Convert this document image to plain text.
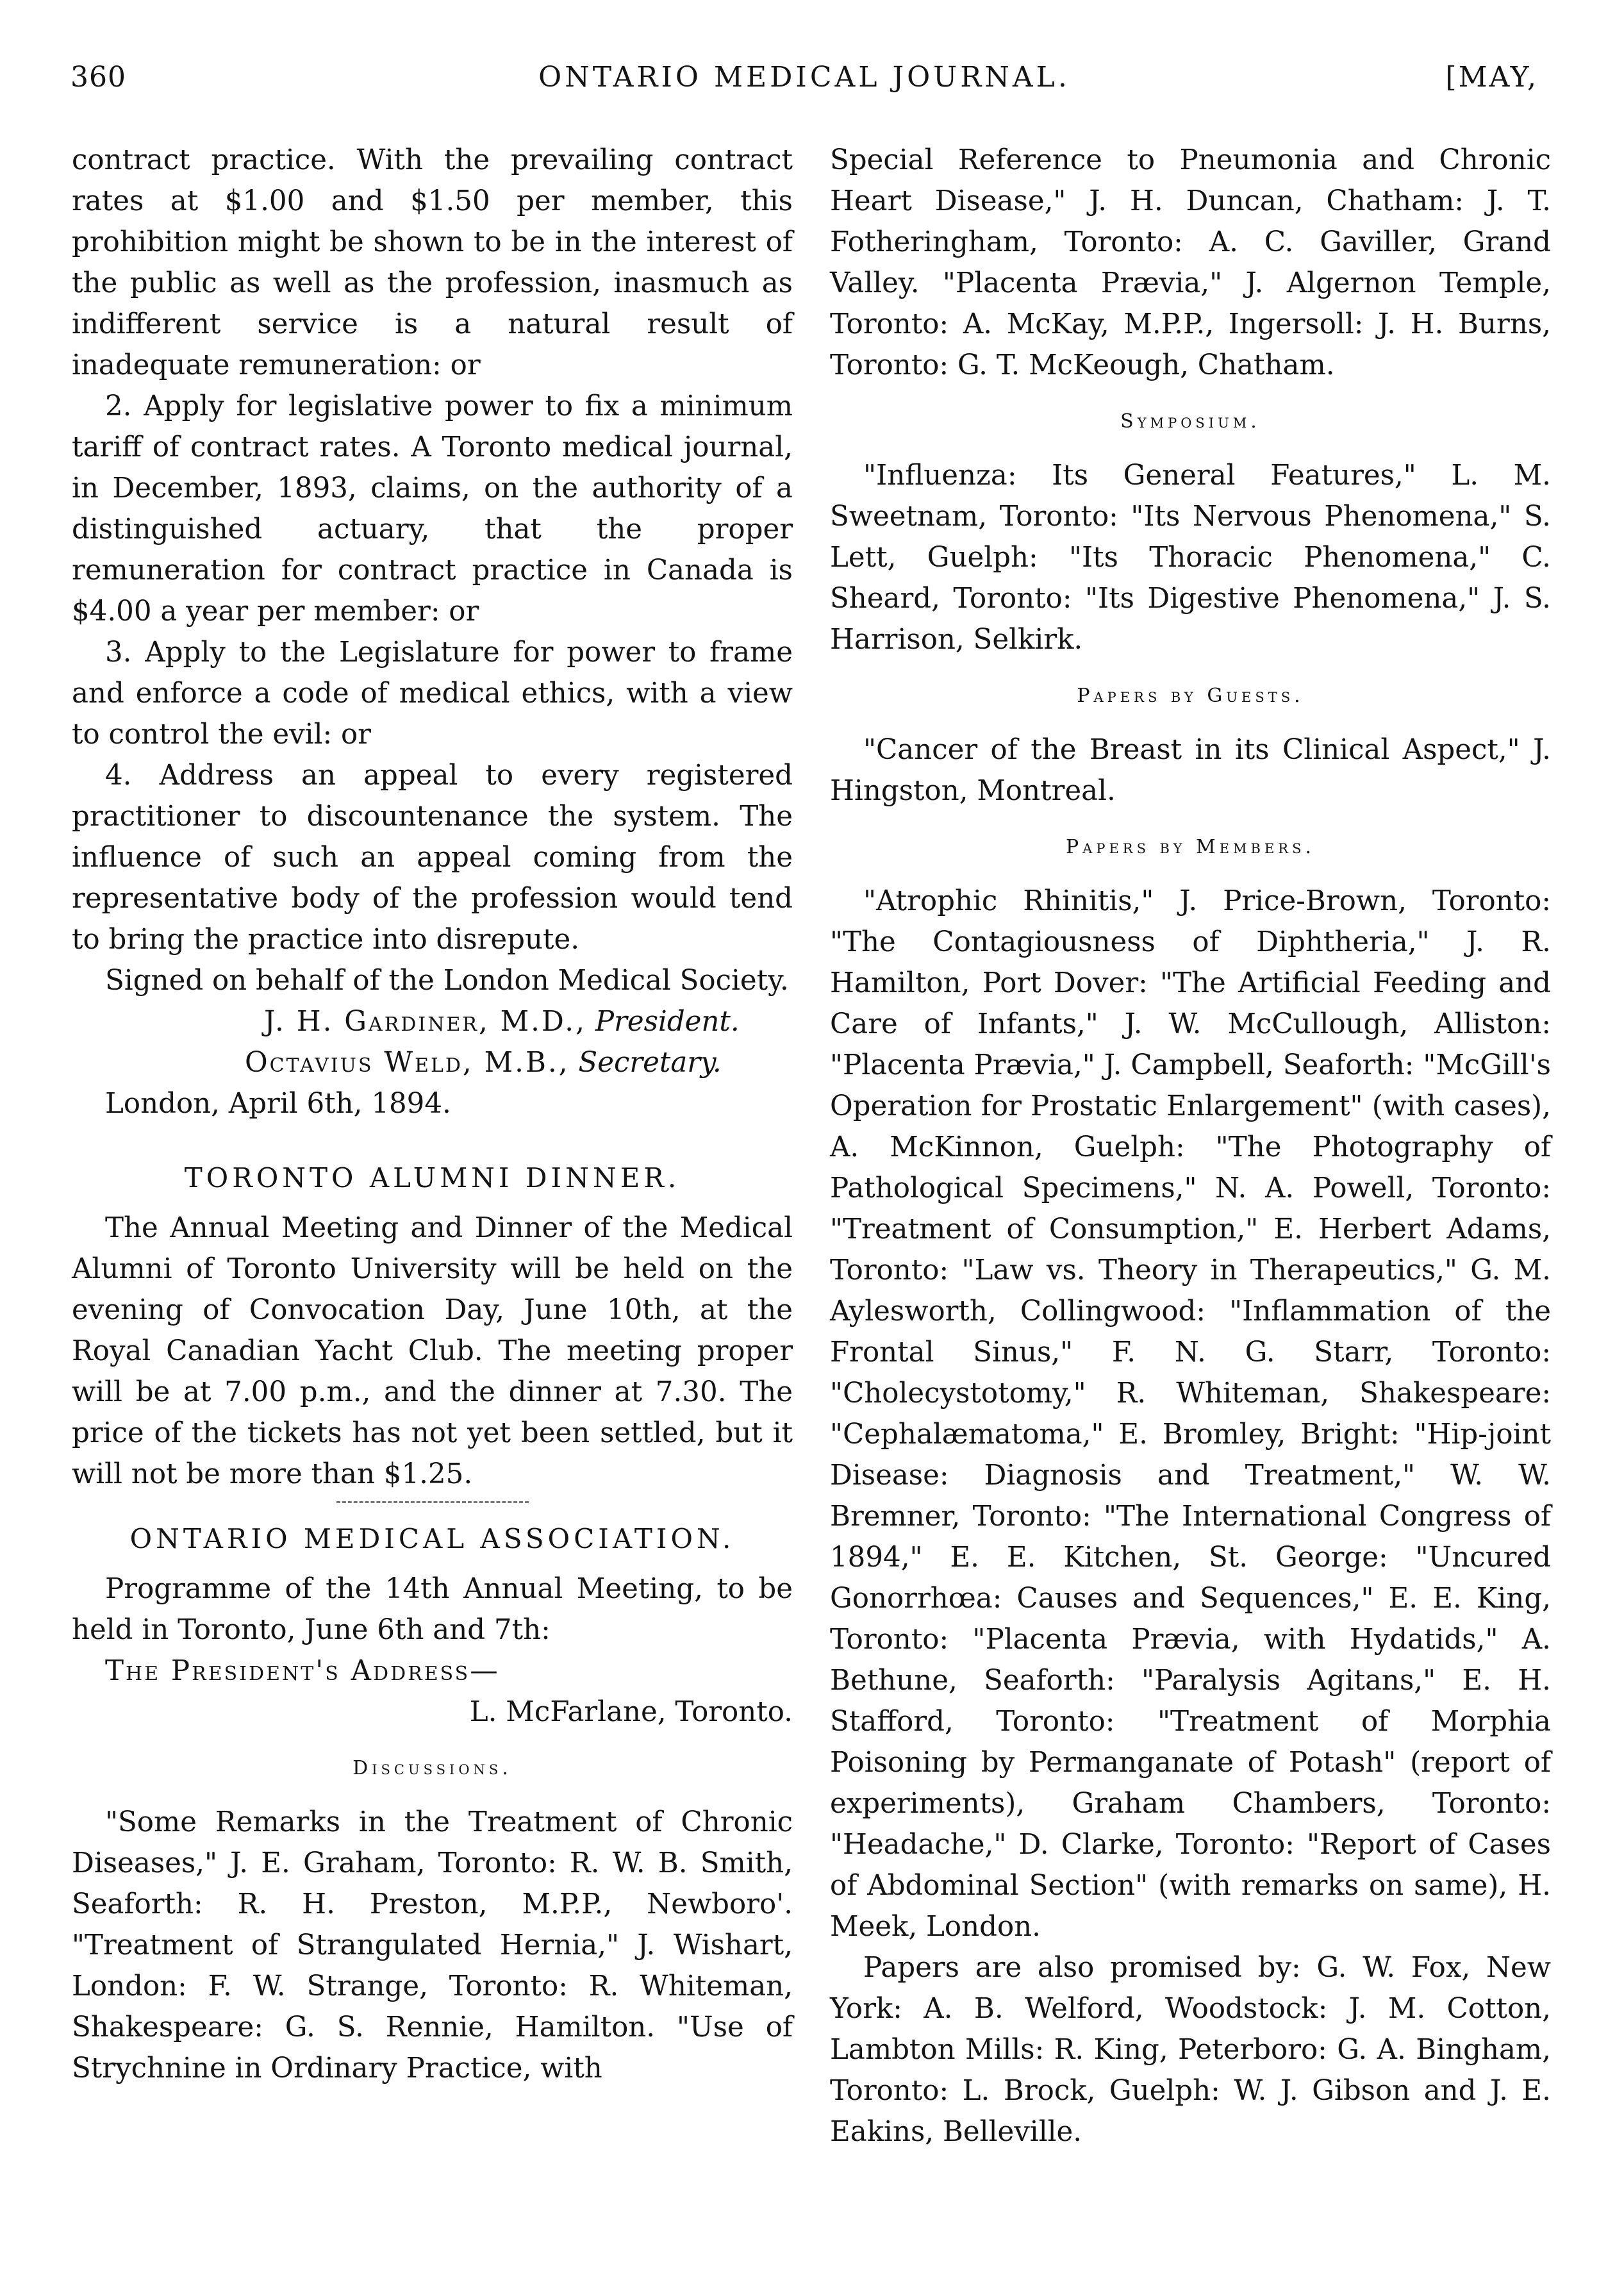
360	ONTARIO MEDICAL JOURNAL.	[MAY,

contract practice. With the prevailing contract rates at $1.00 and $1.50 per member, this prohibition might be shown to be in the interest of the public as well as the profession, inasmuch as indifferent service is a natural result of inadequate remuneration: or

2. Apply for legislative power to fix a minimum tariff of contract rates. A Toronto medical journal, in December, 1893, claims, on the authority of a distinguished actuary, that the proper remuneration for contract practice in Canada is $4.00 a year per member: or

3. Apply to the Legislature for power to frame and enforce a code of medical ethics, with a view to control the evil: or

4. Address an appeal to every registered practitioner to discountenance the system. The influence of such an appeal coming from the representative body of the profession would tend to bring the practice into disrepute.

Signed on behalf of the London Medical Society.

J. H. Gardiner, M.D., President.

Octavius Weld, M.B., Secretary.

London, April 6th, 1894.

TORONTO ALUMNI DINNER.

The Annual Meeting and Dinner of the Medical Alumni of Toronto University will be held on the evening of Convocation Day, June 10th, at the Royal Canadian Yacht Club. The meeting proper will be at 7.00 p.m., and the dinner at 7.30. The price of the tickets has not yet been settled, but it will not be more than $1.25.

ONTARIO MEDICAL ASSOCIATION.

Programme of the 14th Annual Meeting, to be held in Toronto, June 6th and 7th:

The President's Address—

L. McFarlane, Toronto.

Discussions.

"Some Remarks in the Treatment of Chronic Diseases," J. E. Graham, Toronto: R. W. B. Smith, Seaforth: R. H. Preston, M.P.P., Newboro'. "Treatment of Strangulated Hernia," J. Wishart, London: F. W. Strange, Toronto: R. Whiteman, Shakespeare: G. S. Rennie, Hamilton. "Use of Strychnine in Ordinary Practice, with

Special Reference to Pneumonia and Chronic Heart Disease," J. H. Duncan, Chatham: J. T. Fotheringham, Toronto: A. C. Gaviller, Grand Valley. "Placenta Prævia," J. Algernon Temple, Toronto: A. McKay, M.P.P., Ingersoll: J. H. Burns, Toronto: G. T. McKeough, Chatham.

Symposium.

"Influenza: Its General Features," L. M. Sweetnam, Toronto: "Its Nervous Phenomena," S. Lett, Guelph: "Its Thoracic Phenomena," C. Sheard, Toronto: "Its Digestive Phenomena," J. S. Harrison, Selkirk.

Papers by Guests.

"Cancer of the Breast in its Clinical Aspect," J. Hingston, Montreal.

Papers by Members.

"Atrophic Rhinitis," J. Price-Brown, Toronto: "The Contagiousness of Diphtheria," J. R. Hamilton, Port Dover: "The Artificial Feeding and Care of Infants," J. W. McCullough, Alliston: "Placenta Prævia," J. Campbell, Seaforth: "McGill's Operation for Prostatic Enlargement" (with cases), A. McKinnon, Guelph: "The Photography of Pathological Specimens," N. A. Powell, Toronto: "Treatment of Consumption," E. Herbert Adams, Toronto: "Law vs. Theory in Therapeutics," G. M. Aylesworth, Collingwood: "Inflammation of the Frontal Sinus," F. N. G. Starr, Toronto: "Cholecystotomy," R. Whiteman, Shakespeare: "Cephalæmatoma," E. Bromley, Bright: "Hip-joint Disease: Diagnosis and Treatment," W. W. Bremner, Toronto: "The International Congress of 1894," E. E. Kitchen, St. George: "Uncured Gonorrhœa: Causes and Sequences," E. E. King, Toronto: "Placenta Prævia, with Hydatids," A. Bethune, Seaforth: "Paralysis Agitans," E. H. Stafford, Toronto: "Treatment of Morphia Poisoning by Permanganate of Potash" (report of experiments), Graham Chambers, Toronto: "Headache," D. Clarke, Toronto: "Report of Cases of Abdominal Section" (with remarks on same), H. Meek, London.

Papers are also promised by: G. W. Fox, New York: A. B. Welford, Woodstock: J. M. Cotton, Lambton Mills: R. King, Peterboro: G. A. Bingham, Toronto: L. Brock, Guelph: W. J. Gibson and J. E. Eakins, Belleville.
